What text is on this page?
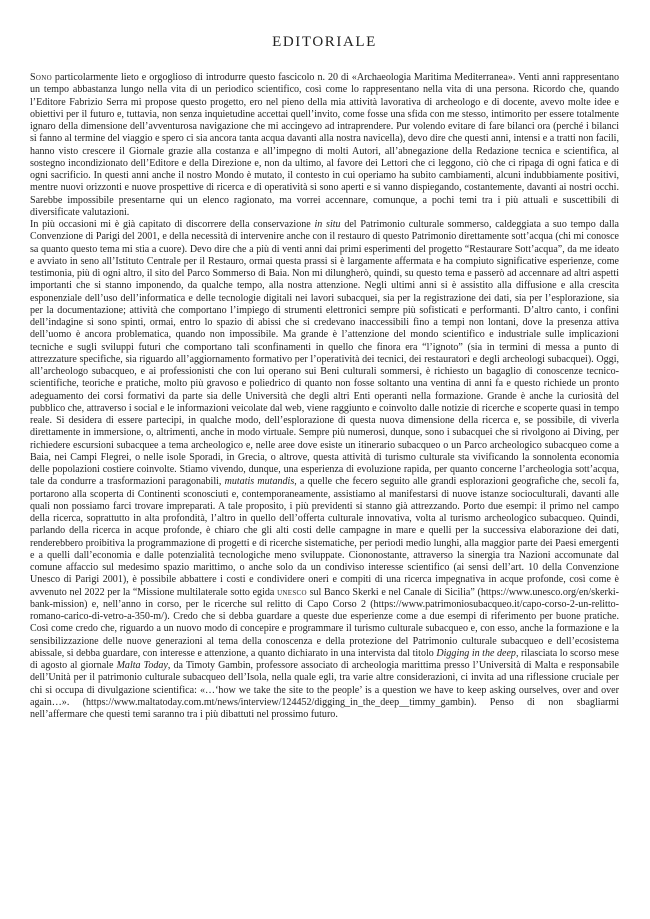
EDITORIALE

Sono particolarmente lieto e orgoglioso di introdurre questo fascicolo n. 20 di «Archaeologia Maritima Mediterranea». Venti anni rappresentano un tempo abbastanza lungo nella vita di un periodico scientifico, così come lo rappresentano nella vita di una persona. Ricordo che, quando l’Editore Fabrizio Serra mi propose questo progetto, ero nel pieno della mia attività lavorativa di archeologo e di docente, avevo molte idee e obiettivi per il futuro e, tuttavia, non senza inquietudine accettai quell’invito, come fosse una sfida con me stesso, intimorito per essere totalmente ignaro della dimensione dell’avventurosa navigazione che mi accingevo ad intraprendere. Pur volendo evitare di fare bilanci ora (perché i bilanci si fanno al termine del viaggio e spero ci sia ancora tanta acqua davanti alla nostra navicella), devo dire che questi anni, intensi e a tratti non facili, hanno visto crescere il Giornale grazie alla costanza e all’impegno di molti Autori, all’abnegazione della Redazione tecnica e scientifica, al sostegno incondizionato dell’Editore e della Direzione e, non da ultimo, al favore dei Lettori che ci leggono, ciò che ci ripaga di ogni fatica e di ogni sacrificio. In questi anni anche il nostro Mondo è mutato, il contesto in cui operiamo ha subito cambiamenti, alcuni indubbiamente positivi, mentre nuovi orizzonti e nuove prospettive di ricerca e di operatività si sono aperti e si vanno dispiegando, costantemente, davanti ai nostri occhi. Sarebbe impossibile presentarne qui un elenco ragionato, ma vorrei accennare, comunque, a pochi temi tra i più attuali e suscettibili di diversificate valutazioni.

In più occasioni mi è già capitato di discorrere della conservazione in situ del Patrimonio culturale sommerso, caldeggiata a suo tempo dalla Convenzione di Parigi del 2001, e della necessità di intervenire anche con il restauro di questo Patrimonio direttamente sott’acqua (chi mi conosce sa quanto questo tema mi stia a cuore). Devo dire che a più di venti anni dai primi esperimenti del progetto “Restaurare Sott’acqua”, da me ideato e avviato in seno all’Istituto Centrale per il Restauro, ormai questa prassi si è largamente affermata e ha compiuto significative esperienze, come testimonia, più di ogni altro, il sito del Parco Sommerso di Baia. Non mi dilungherò, quindi, su questo tema e passerò ad accennare ad altri aspetti importanti che si stanno imponendo, da qualche tempo, alla nostra attenzione. Negli ultimi anni si è assistito alla diffusione e alla crescita esponenziale dell’uso dell’informatica e delle tecnologie digitali nei lavori subacquei, sia per la registrazione dei dati, sia per l’esplorazione, sia per la documentazione; attività che comportano l’impiego di strumenti elettronici sempre più sofisticati e performanti. D’altro canto, i confini dell’indagine si sono spinti, ormai, entro lo spazio di abissi che si credevano inaccessibili fino a tempi non lontani, dove la presenza attiva dell’uomo è ancora problematica, quando non impossibile. Ma grande è l’attenzione del mondo scientifico e industriale sulle implicazioni tecniche e sugli sviluppi futuri che comportano tali sconfinamenti in quello che finora era “l’ignoto” (sia in termini di messa a punto di attrezzature specifiche, sia riguardo all’aggiornamento formativo per l’operatività dei tecnici, dei restauratori e degli archeologi subacquei). Oggi, all’archeologo subacqueo, e ai professionisti che con lui operano sui Beni culturali sommersi, è richiesto un bagaglio di conoscenze tecnico-scientifiche, teoriche e pratiche, molto più gravoso e poliedrico di quanto non fosse soltanto una ventina di anni fa e questo richiede un pronto adeguamento dei corsi formativi da parte sia delle Università che degli altri Enti operanti nella formazione. Grande è anche la curiosità del pubblico che, attraverso i social e le informazioni veicolate dal web, viene raggiunto e coinvolto dalle notizie di ricerche e scoperte quasi in tempo reale. Si desidera di essere partecipi, in qualche modo, dell’esplorazione di questa nuova dimensione della ricerca e, se possibile, di viverla direttamente in immersione, o, altrimenti, anche in modo virtuale. Sempre più numerosi, dunque, sono i subacquei che si rivolgono ai Diving, per richiedere escursioni subacquee a tema archeologico e, nelle aree dove esiste un itinerario subacqueo o un Parco archeologico subacqueo come a Baia, nei Campi Flegrei, o nelle isole Sporadi, in Grecia, o altrove, questa attività di turismo culturale sta vivificando la sonnolenta economia delle popolazioni costiere coinvolte. Stiamo vivendo, dunque, una esperienza di evoluzione rapida, per quanto concerne l’archeologia sott’acqua, tale da condurre a trasformazioni paragonabili, mutatis mutandis, a quelle che fecero seguito alle grandi esplorazioni geografiche che, secoli fa, portarono alla scoperta di Continenti sconosciuti e, contemporaneamente, assistiamo al manifestarsi di nuove istanze socioculturali, davanti alle quali non possiamo farci trovare impreparati. A tale proposito, i più previdenti si stanno già attrezzando. Porto due esempi: il primo nel campo della ricerca, soprattutto in alta profondità, l’altro in quello dell’offerta culturale innovativa, volta al turismo archeologico subacqueo. Quindi, parlando della ricerca in acque profonde, è chiaro che gli alti costi delle campagne in mare e quelli per la successiva elaborazione dei dati, renderebbero proibitiva la programmazione di progetti e di ricerche sistematiche, per periodi medio lunghi, alla maggior parte dei Paesi emergenti e a quelli dall’economia e dalle potenzialità tecnologiche meno sviluppate. Ciononostante, attraverso la sinergia tra Nazioni accomunate dal comune affaccio sul medesimo spazio marittimo, o anche solo da un condiviso interesse scientifico (ai sensi dell’art. 10 della Convenzione Unesco di Parigi 2001), è possibile abbattere i costi e condividere oneri e compiti di una ricerca impegnativa in acque profonde, così come è avvenuto nel 2022 per la “Missione multilaterale sotto egida unesco sul Banco Skerki e nel Canale di Sicilia” (https://www.unesco.org/en/skerki-bank-mission) e, nell’anno in corso, per le ricerche sul relitto di Capo Corso 2 (https://www.patrimoniosubacqueo.it/capo-corso-2-un-relitto-romano-carico-di-vetro-a-350-m/). Credo che si debba guardare a queste due esperienze come a due esempi di riferimento per buone pratiche. Così come credo che, riguardo a un nuovo modo di concepire e programmare il turismo culturale subacqueo e, con esso, anche la formazione e la sensibilizzazione delle nuove generazioni al tema della conoscenza e della protezione del Patrimonio culturale subacqueo e dell’ecosistema abissale, si debba guardare, con interesse e attenzione, a quanto dichiarato in una intervista dal titolo Digging in the deep, rilasciata lo scorso mese di agosto al giornale Malta Today, da Timoty Gambin, professore associato di archeologia marittima presso l’Università di Malta e responsabile dell’Unità per il patrimonio culturale subacqueo dell’Isola, nella quale egli, tra varie altre considerazioni, ci invita ad una riflessione cruciale per chi si occupa di divulgazione scientifica: «…‘how we take the site to the people’ is a question we have to keep asking ourselves, over and over again…». (https://www.maltatoday.com.mt/news/interview/124452/digging_in_the_deep__timmy_gambin). Penso di non sbagliarmi nell’affermare che questi temi saranno tra i più dibattuti nel prossimo futuro.
